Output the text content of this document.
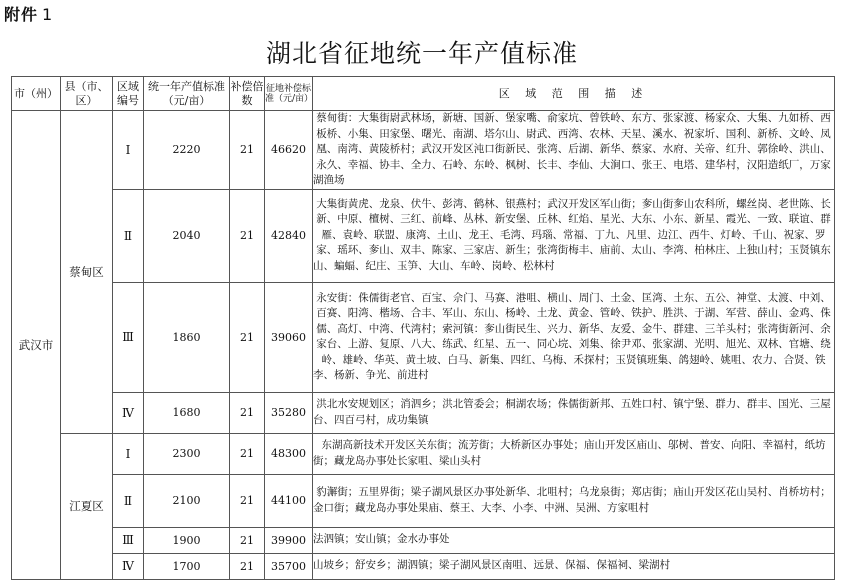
附件 1
湖北省征地统一年产值标准
市（州）	县（市、区）	区域编号	统一年产值标准（元/亩）	补偿倍数	征地补偿标准（元/亩）	区 域 范 围 描 述
武汉市	蔡甸区	Ⅰ	2220	21	46620	蔡甸街：大集街尉武林场，新塘、国新、堡家嘴、俞家坑、曾铁岭、东方、张家渡、杨家众、大集、九如桥、西板桥、小集、田家堡、曙光、南湖、塔尔山、尉武、西湾、农林、天星、溪水、祝家圻、国利、新桥、文岭、凤凰、南湾、黄陵桥村；武汉开发区沌口街新民、张湾、后湖、新华、蔡家、水府、关帝、红升、郭徐岭、洪山、永久、幸福、协丰、全力、石岭、东岭、枫树、长丰、李仙、大涧口、张王、电塔、建华村，汉阳造纸厂，万家湖渔场
		Ⅱ	2040	21	42840	大集街黄虎、龙泉、伏牛、彭湾、鹤林、银燕村；武汉开发区军山街；奓山街奓山农科所，螺丝岗、老世陈、长新、中原、檀树、三红、前峰、丛林、新安堡、丘林、红焰、星光、大东、小东、新星、霞光、一致、联谊、群雁、袁岭、联盟、康湾、土山、龙王、毛湾、玛瑙、常福、丁九、凡里、边江、西牛、灯岭、千山、祝家、罗家、瑶环、奓山、双丰、陈家、三家店、新生；张湾街梅丰、庙前、太山、李湾、柏林庄、上独山村；玉贤镇东山、蝙蝠、纪庄、玉笋、大山、车岭、岗岭、松林村
		Ⅲ	1860	21	39060	永安街：侏儒街老官、百宝、佘门、马赛、港咀、横山、周门、土金、匡湾、土东、五公、神堂、太渡、中刘、百赛、阳湾、楷场、合丰、军山、东山、杨岭、土龙、黄金、管岭、铁护、胜洪、于湖、军营、薛山、金鸡、侏儒、高灯、中湾、代湾村；索河镇：奓山街民生、兴力、新华、友爱、金牛、群建、三羊头村；张湾街新河、余家台、上游、复原、八大、练武、红星、五一、同心垸、刘集、徐尹邓、张家湖、光明、旭光、双林、官塘、绕岭、雄岭、华英、黄土坡、白马、新集、四红、乌梅、禾探村；玉贤镇班集、鸽翅岭、姚咀、农力、合贤、铁李、杨新、争光、前进村
		Ⅳ	1680	21	35280	洪北水安规划区；消泗乡；洪北管委会；桐湖农场；侏儒街新邦、五姓口村、镇宁堡、群力、群丰、国光、三屋台、四百弓村，成功集镇
	江夏区	Ⅰ	2300	21	48300	东湖高新技术开发区关东街；流芳街；大桥新区办事处；庙山开发区庙山、邬树、普安、向阳、幸福村，纸坊街；藏龙岛办事处长家咀、梁山头村
		Ⅱ	2100	21	44100	豹澥街；五里界街；梁子湖风景区办事处新华、北咀村；乌龙泉街；郑店街；庙山开发区花山吴村、肖桥坊村；金口街；藏龙岛办事处果庙、蔡王、大李、小李、中洲、吴洲、方家咀村
		Ⅲ	1900	21	39900	法泗镇；安山镇；金水办事处
		Ⅳ	1700	21	35700	山坡乡；舒安乡；湖泗镇；梁子湖风景区南咀、远景、保福、保福祠、梁湖村
